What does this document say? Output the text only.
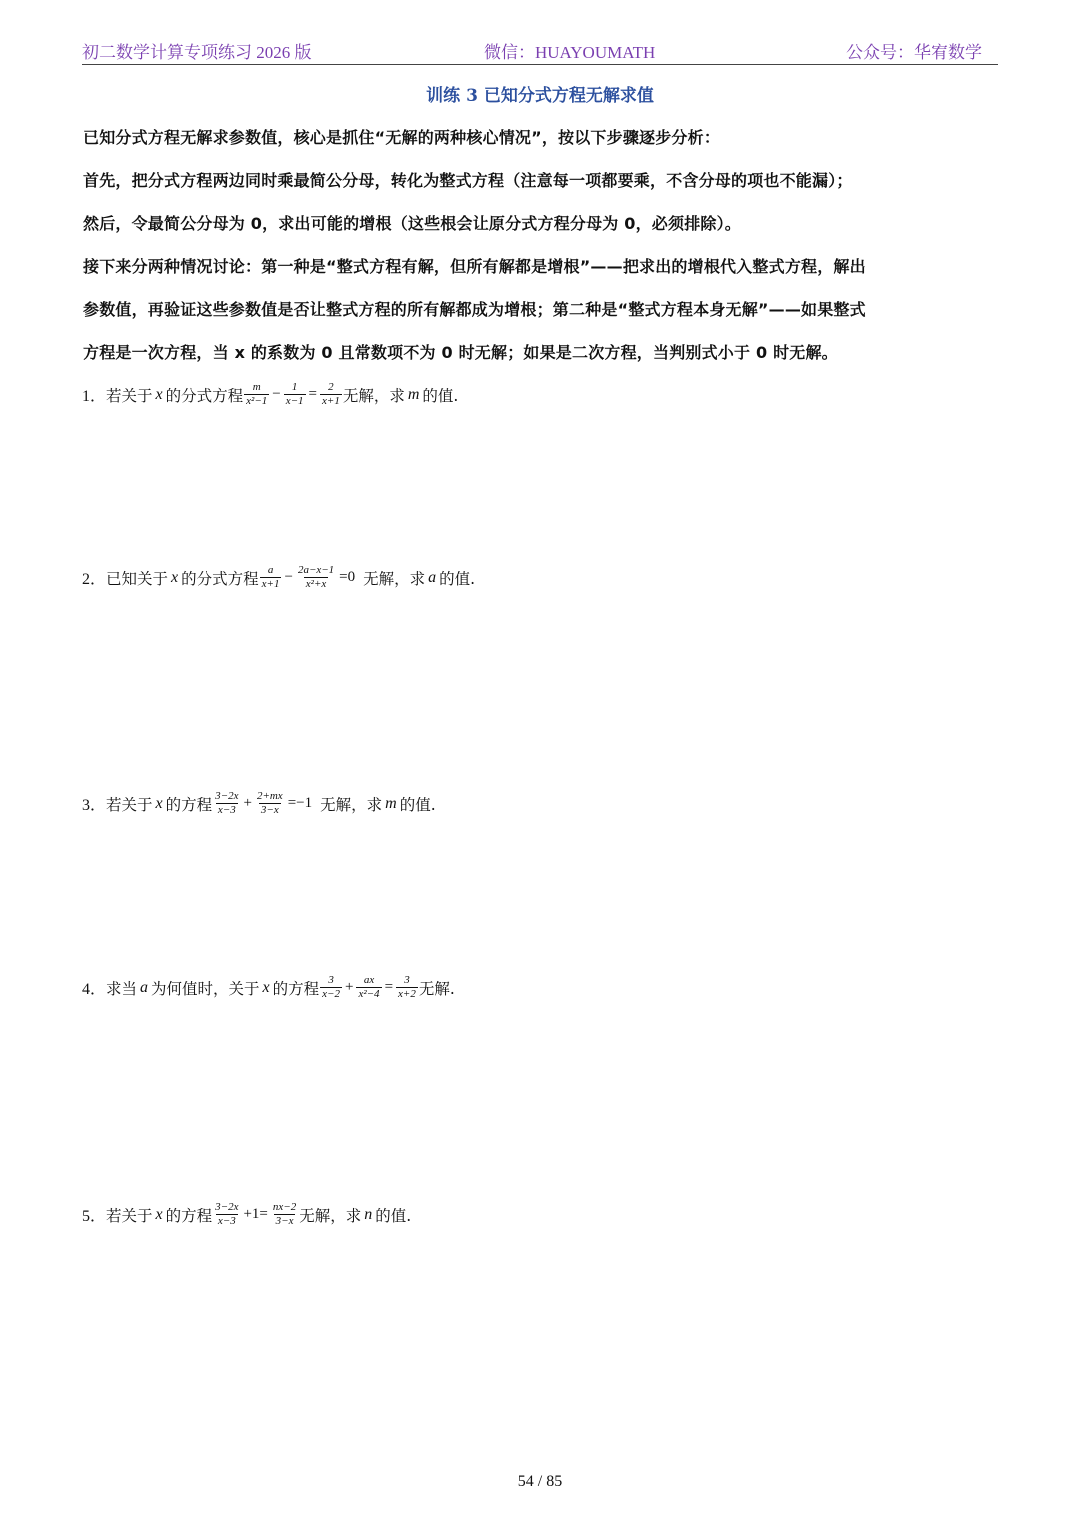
初二数学计算专项练习 2026 版	微信：HUAYOUMATH	公众号：华宥数学
训练 3 已知分式方程无解求值
已知分式方程无解求参数值，核心是抓住“无解的两种核心情况”，按以下步骤逐步分析：
首先，把分式方程两边同时乘最简公分母，转化为整式方程（注意每一项都要乘，不含分母的项也不能漏）；
然后，令最简公分母为 0，求出可能的增根（这些根会让原分式方程分母为 0，必须排除）。
接下来分两种情况讨论：第一种是“整式方程有解，但所有解都是增根”——把求出的增根代入整式方程，解出
参数值，再验证这些参数值是否让整式方程的所有解都成为增根；第二种是“整式方程本身无解”——如果整式
方程是一次方程，当 x 的系数为 0 且常数项不为 0 时无解；如果是二次方程，当判别式小于 0 时无解。
1． 若关于 x 的分式方程 $\frac{m}{\text{x²−1}} - \frac{1}{x-1} = \frac{2}{x+1}$ 无解，求 m 的值.
2． 已知关于 x 的分式方程 $\frac{a}{x+1} - \frac{2a-x-1}{\text{x²+x}} =0$ 无解，求 a 的值.
3． 若关于 x 的方程 $\frac{3-2x}{x-3} + \frac{2+mx}{3-x} =-1$ 无解，求 m 的值.
4． 求当 a 为何值时，关于 x 的方程 $\frac{3}{x-2} + \frac{ax}{\text{x²−4}} = \frac{3}{x+2}$ 无解.
5． 若关于 x 的方程 $\frac{3-2x}{x-3} +1= \frac{nx-2}{3-x}$ 无解，求 n 的值.
54 / 85
